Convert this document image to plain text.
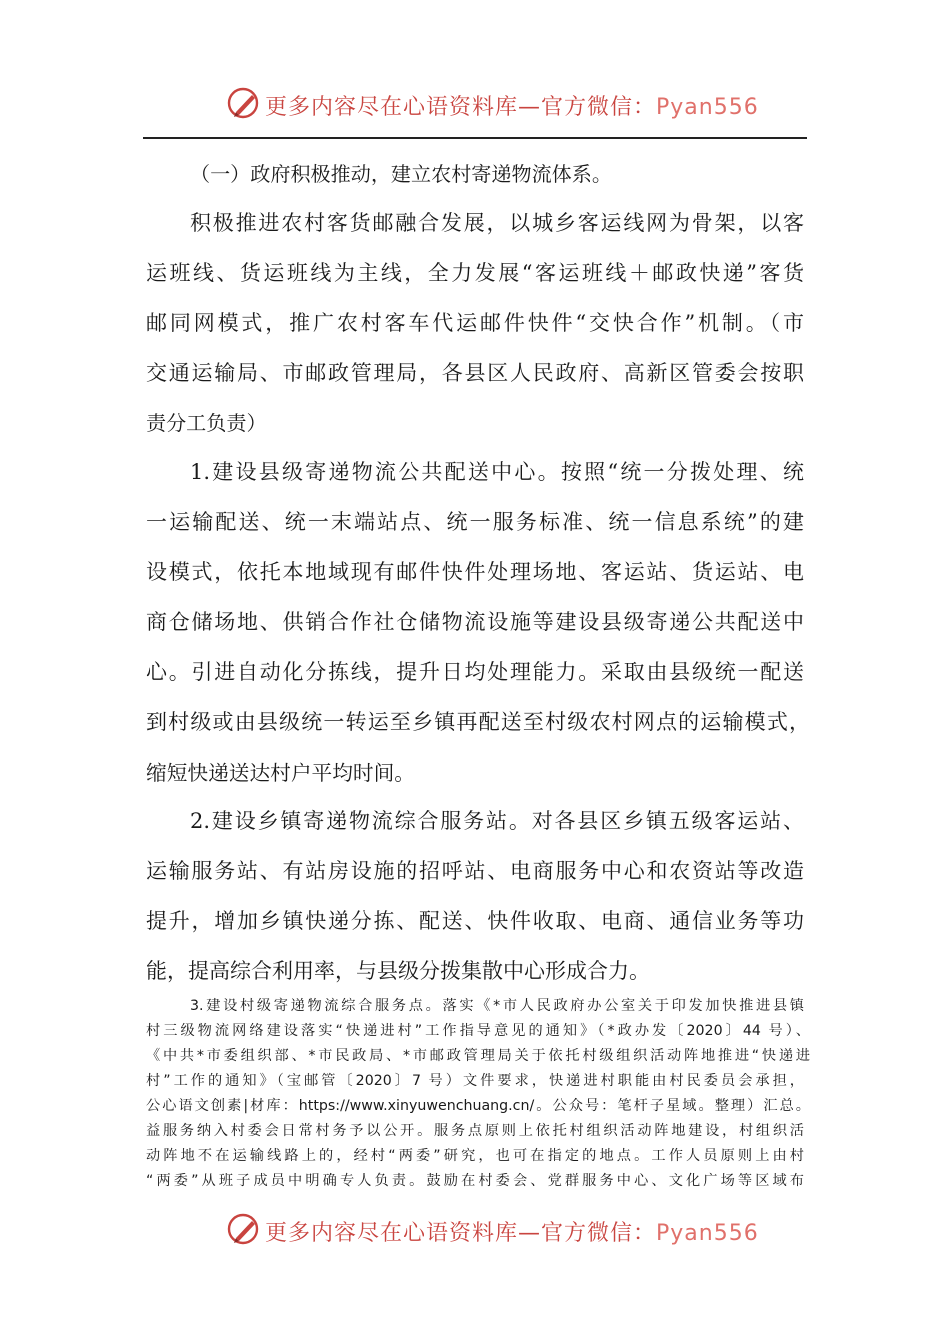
更多内容尽在心语资料库—官方微信：Pyan556
（一）政府积极推动，建立农村寄递物流体系。
积极推进农村客货邮融合发展，以城乡客运线网为骨架，以客
运班线、货运班线为主线，全力发展“客运班线＋邮政快递”客货
邮同网模式，推广农村客车代运邮件快件“交快合作”机制。（市
交通运输局、市邮政管理局，各县区人民政府、高新区管委会按职
责分工负责）
1.建设县级寄递物流公共配送中心。按照“统一分拨处理、统
一运输配送、统一末端站点、统一服务标准、统一信息系统”的建
设模式，依托本地域现有邮件快件处理场地、客运站、货运站、电
商仓储场地、供销合作社仓储物流设施等建设县级寄递公共配送中
心。引进自动化分拣线，提升日均处理能力。采取由县级统一配送
到村级或由县级统一转运至乡镇再配送至村级农村网点的运输模式，
缩短快递送达村户平均时间。
2.建设乡镇寄递物流综合服务站。对各县区乡镇五级客运站、
运输服务站、有站房设施的招呼站、电商服务中心和农资站等改造
提升，增加乡镇快递分拣、配送、快件收取、电商、通信业务等功
能，提高综合利用率，与县级分拨集散中心形成合力。
3.建设村级寄递物流综合服务点。落实《*市人民政府办公室关于印发加快推进县镇
村三级物流网络建设落实“快递进村”工作指导意见的通知》（*政办发〔2020〕44 号）、
《中共*市委组织部、*市民政局、*市邮政管理局关于依托村级组织活动阵地推进“快递进
村”工作的通知》（宝邮管〔2020〕7 号）文件要求，快递进村职能由村民委员会承担，
公心语文创素|材库：https://www.xinyuwenchuang.cn/。公众号：笔杆子星域。整理）汇总。
益服务纳入村委会日常村务予以公开。服务点原则上依托村组织活动阵地建设，村组织活
动阵地不在运输线路上的，经村“两委”研究，也可在指定的地点。工作人员原则上由村
“两委”从班子成员中明确专人负责。鼓励在村委会、党群服务中心、文化广场等区域布
更多内容尽在心语资料库—官方微信：Pyan556
